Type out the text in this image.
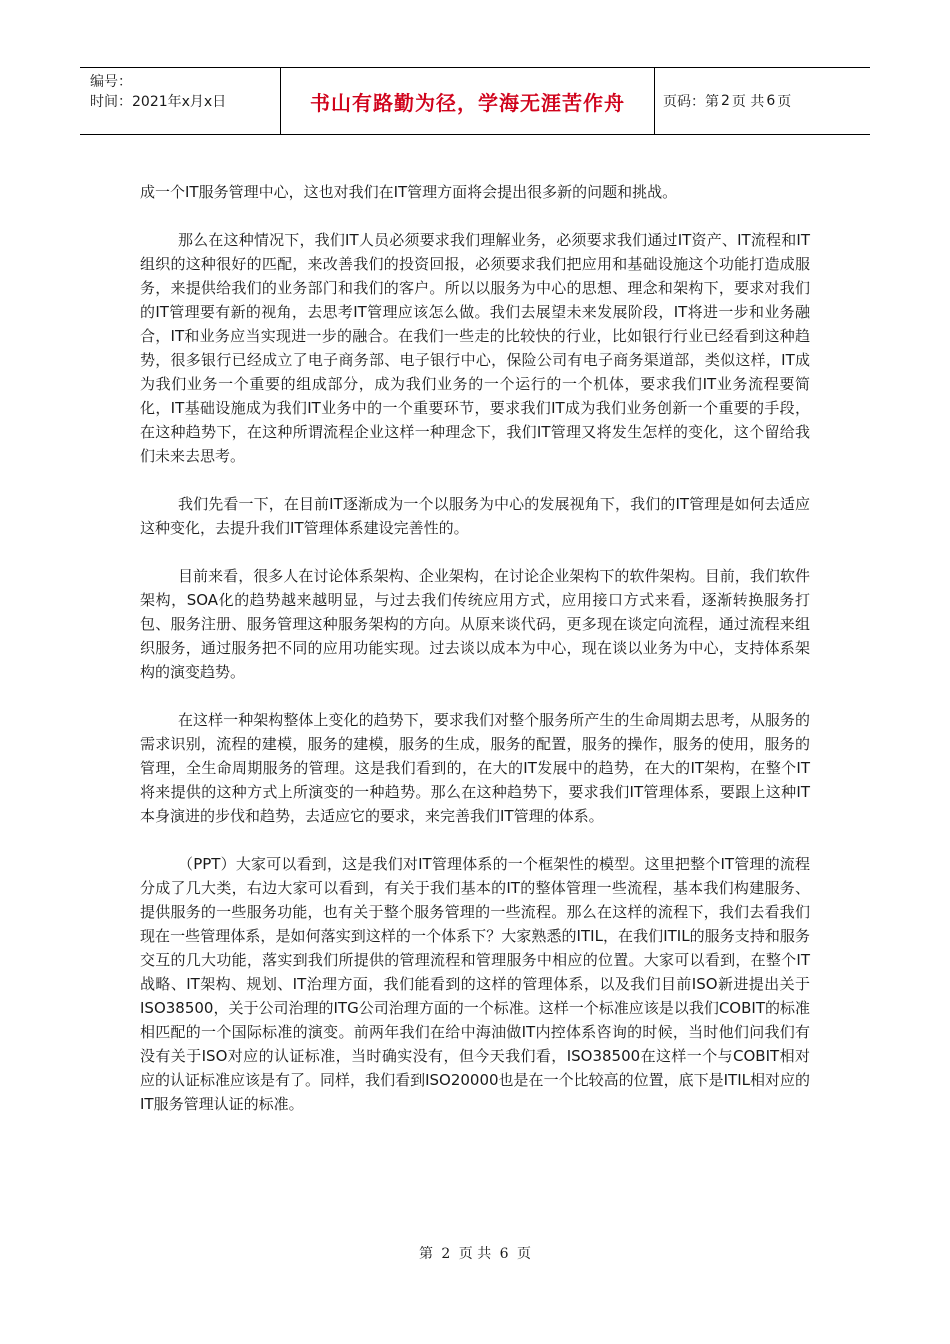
编号：
时间：2021年x月x日	书山有路勤为径，学海无涯苦作舟	页码：第 2 页 共 6 页

成一个IT服务管理中心，这也对我们在IT管理方面将会提出很多新的问题和挑战。

那么在这种情况下，我们IT人员必须要求我们理解业务，必须要求我们通过IT资产、IT流程和IT组织的这种很好的匹配，来改善我们的投资回报，必须要求我们把应用和基础设施这个功能打造成服务，来提供给我们的业务部门和我们的客户。所以以服务为中心的思想、理念和架构下，要求对我们的IT管理要有新的视角，去思考IT管理应该怎么做。我们去展望未来发展阶段，IT将进一步和业务融合，IT和业务应当实现进一步的融合。在我们一些走的比较快的行业，比如银行行业已经看到这种趋势，很多银行已经成立了电子商务部、电子银行中心，保险公司有电子商务渠道部，类似这样，IT成为我们业务一个重要的组成部分，成为我们业务的一个运行的一个机体，要求我们IT业务流程要简化，IT基础设施成为我们IT业务中的一个重要环节，要求我们IT成为我们业务创新一个重要的手段，在这种趋势下，在这种所谓流程企业这样一种理念下，我们IT管理又将发生怎样的变化，这个留给我们未来去思考。

我们先看一下，在目前IT逐渐成为一个以服务为中心的发展视角下，我们的IT管理是如何去适应这种变化，去提升我们IT管理体系建设完善性的。

目前来看，很多人在讨论体系架构、企业架构，在讨论企业架构下的软件架构。目前，我们软件架构，SOA化的趋势越来越明显，与过去我们传统应用方式，应用接口方式来看，逐渐转换服务打包、服务注册、服务管理这种服务架构的方向。从原来谈代码，更多现在谈定向流程，通过流程来组织服务，通过服务把不同的应用功能实现。过去谈以成本为中心，现在谈以业务为中心，支持体系架构的演变趋势。

在这样一种架构整体上变化的趋势下，要求我们对整个服务所产生的生命周期去思考，从服务的需求识别，流程的建模，服务的建模，服务的生成，服务的配置，服务的操作，服务的使用，服务的管理，全生命周期服务的管理。这是我们看到的，在大的IT发展中的趋势，在大的IT架构，在整个IT将来提供的这种方式上所演变的一种趋势。那么在这种趋势下，要求我们IT管理体系，要跟上这种IT本身演进的步伐和趋势，去适应它的要求，来完善我们IT管理的体系。

（PPT）大家可以看到，这是我们对IT管理体系的一个框架性的模型。这里把整个IT管理的流程分成了几大类，右边大家可以看到，有关于我们基本的IT的整体管理一些流程，基本我们构建服务、提供服务的一些服务功能，也有关于整个服务管理的一些流程。那么在这样的流程下，我们去看我们现在一些管理体系，是如何落实到这样的一个体系下？大家熟悉的ITIL，在我们ITIL的服务支持和服务交互的几大功能，落实到我们所提供的管理流程和管理服务中相应的位置。大家可以看到，在整个IT战略、IT架构、规划、IT治理方面，我们能看到的这样的管理体系，以及我们目前ISO新进提出关于ISO38500，关于公司治理的ITG公司治理方面的一个标准。这样一个标准应该是以我们COBIT的标准相匹配的一个国际标准的演变。前两年我们在给中海油做IT内控体系咨询的时候，当时他们问我们有没有关于ISO对应的认证标准，当时确实没有，但今天我们看，ISO38500在这样一个与COBIT相对应的认证标准应该是有了。同样，我们看到ISO20000也是在一个比较高的位置，底下是ITIL相对应的IT服务管理认证的标准。

第 2 页 共 6 页
